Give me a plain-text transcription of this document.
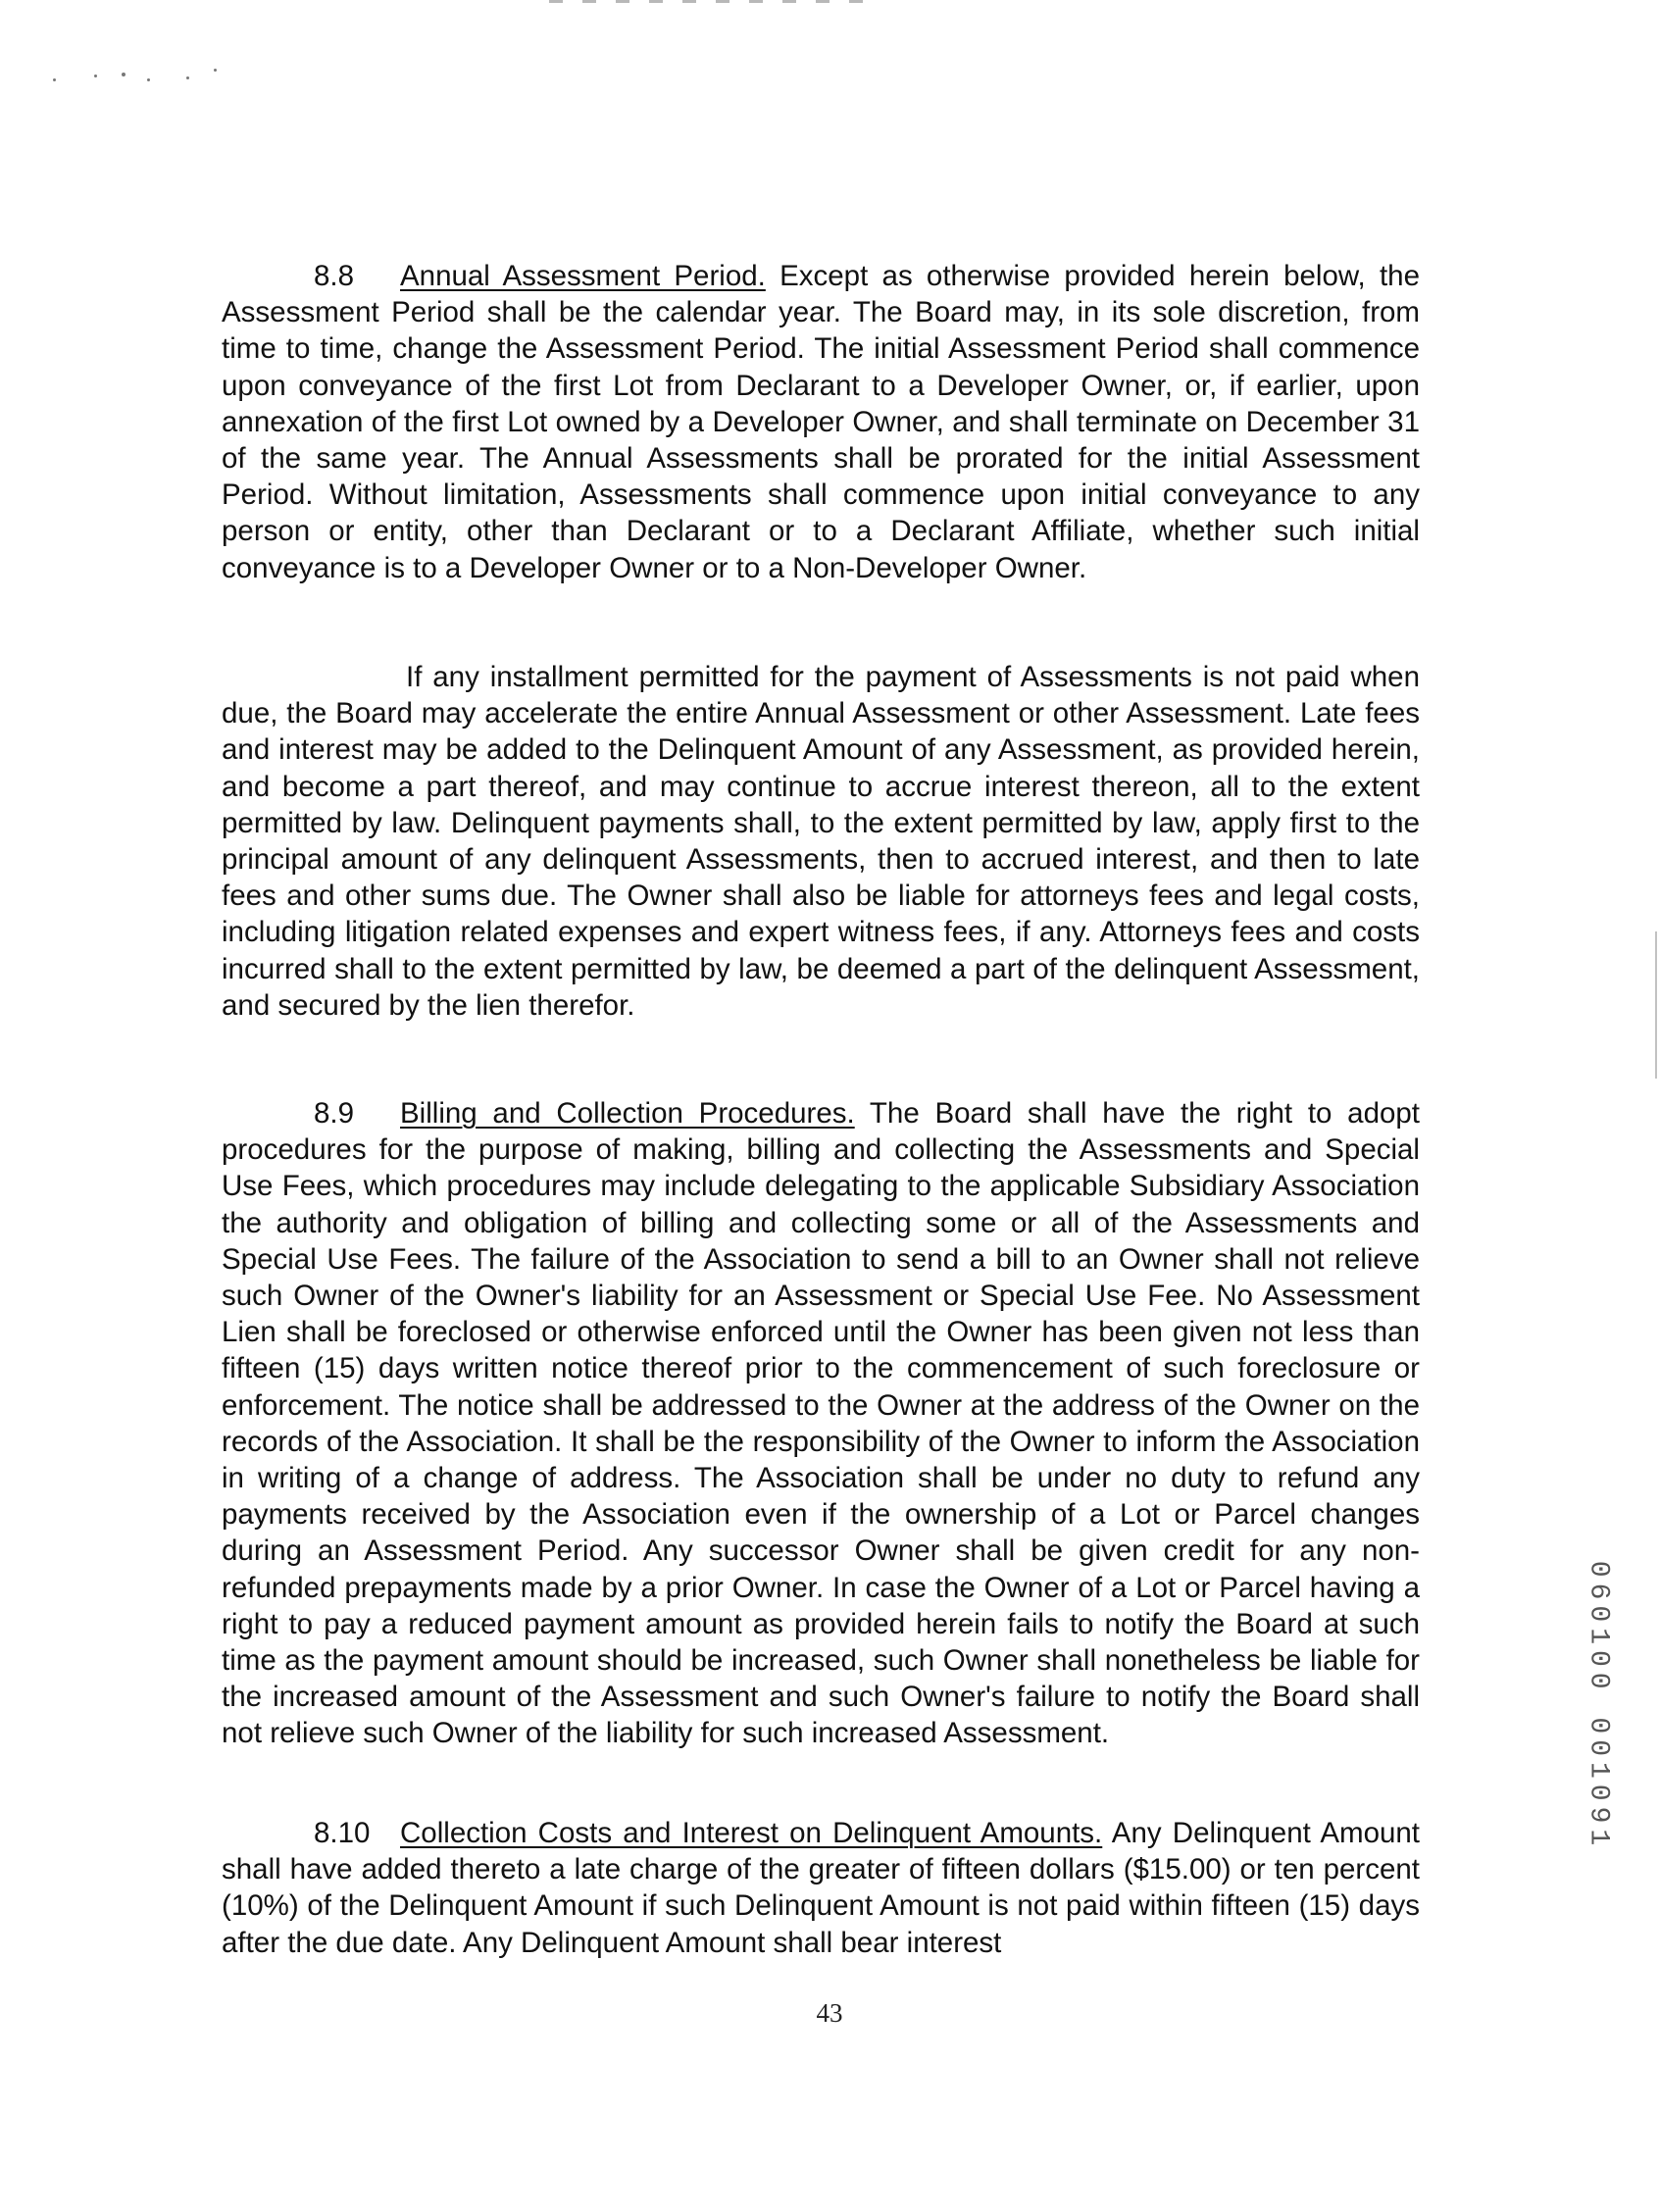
8.8 Annual Assessment Period. Except as otherwise provided herein below, the Assessment Period shall be the calendar year. The Board may, in its sole discretion, from time to time, change the Assessment Period. The initial Assessment Period shall commence upon conveyance of the first Lot from Declarant to a Developer Owner, or, if earlier, upon annexation of the first Lot owned by a Developer Owner, and shall terminate on December 31 of the same year. The Annual Assessments shall be prorated for the initial Assessment Period. Without limitation, Assessments shall commence upon initial conveyance to any person or entity, other than Declarant or to a Declarant Affiliate, whether such initial conveyance is to a Developer Owner or to a Non-Developer Owner.

If any installment permitted for the payment of Assessments is not paid when due, the Board may accelerate the entire Annual Assessment or other Assessment. Late fees and interest may be added to the Delinquent Amount of any Assessment, as provided herein, and become a part thereof, and may continue to accrue interest thereon, all to the extent permitted by law. Delinquent payments shall, to the extent permitted by law, apply first to the principal amount of any delinquent Assessments, then to accrued interest, and then to late fees and other sums due. The Owner shall also be liable for attorneys fees and legal costs, including litigation related expenses and expert witness fees, if any. Attorneys fees and costs incurred shall to the extent permitted by law, be deemed a part of the delinquent Assessment, and secured by the lien therefor.

8.9 Billing and Collection Procedures. The Board shall have the right to adopt procedures for the purpose of making, billing and collecting the Assessments and Special Use Fees, which procedures may include delegating to the applicable Subsidiary Association the authority and obligation of billing and collecting some or all of the Assessments and Special Use Fees. The failure of the Association to send a bill to an Owner shall not relieve such Owner of the Owner's liability for an Assessment or Special Use Fee. No Assessment Lien shall be foreclosed or otherwise enforced until the Owner has been given not less than fifteen (15) days written notice thereof prior to the commencement of such foreclosure or enforcement. The notice shall be addressed to the Owner at the address of the Owner on the records of the Association. It shall be the responsibility of the Owner to inform the Association in writing of a change of address. The Association shall be under no duty to refund any payments received by the Association even if the ownership of a Lot or Parcel changes during an Assessment Period. Any successor Owner shall be given credit for any non-refunded prepayments made by a prior Owner. In case the Owner of a Lot or Parcel having a right to pay a reduced payment amount as provided herein fails to notify the Board at such time as the payment amount should be increased, such Owner shall nonetheless be liable for the increased amount of the Assessment and such Owner's failure to notify the Board shall not relieve such Owner of the liability for such increased Assessment.

8.10 Collection Costs and Interest on Delinquent Amounts. Any Delinquent Amount shall have added thereto a late charge of the greater of fifteen dollars ($15.00) or ten percent (10%) of the Delinquent Amount if such Delinquent Amount is not paid within fifteen (15) days after the due date. Any Delinquent Amount shall bear interest

43
060100 001091
